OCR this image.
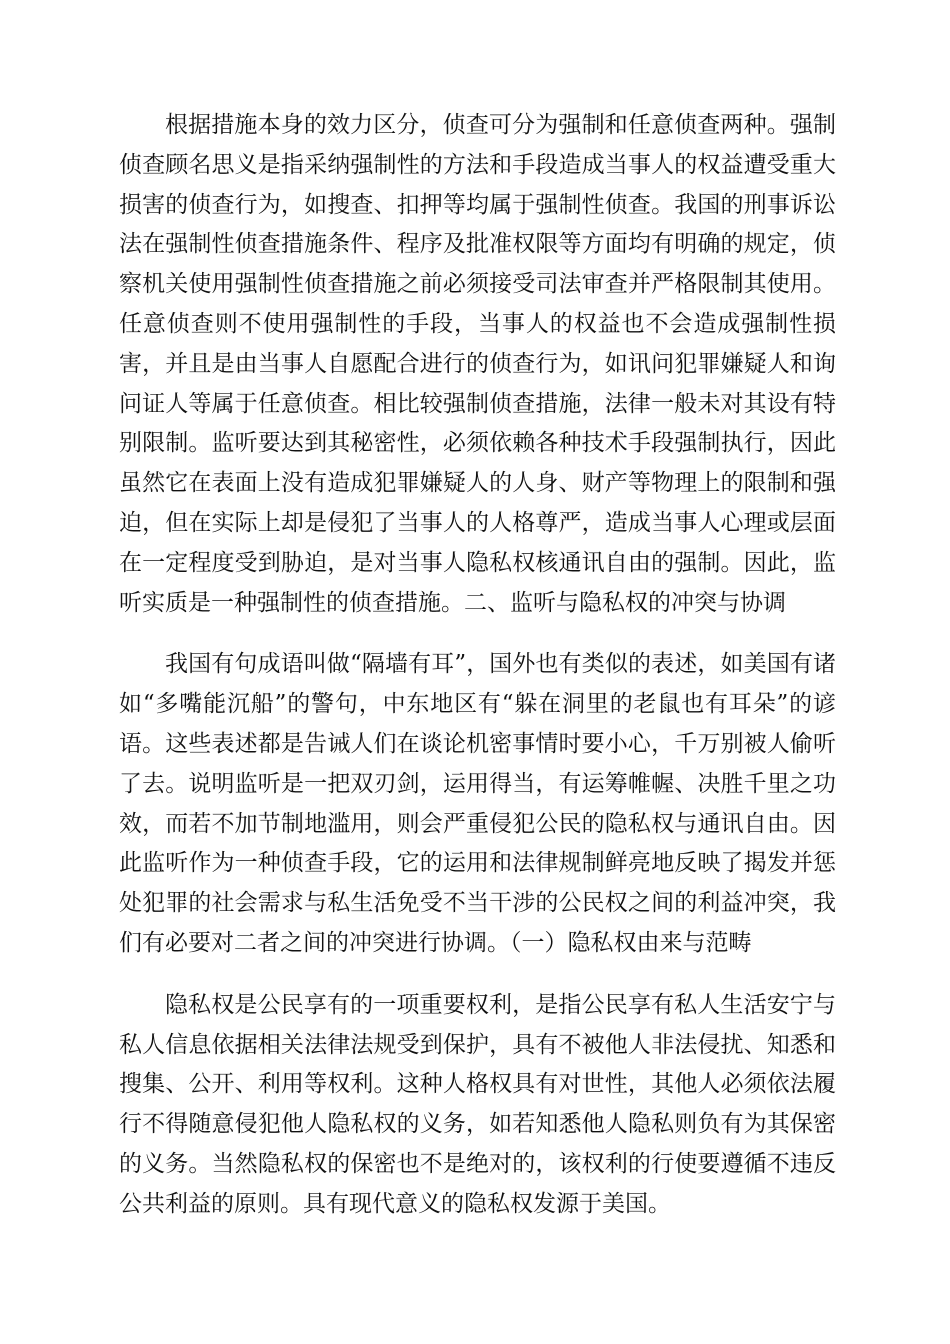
根据措施本身的效力区分，侦查可分为强制和任意侦查两种。强制侦查顾名思义是指采纳强制性的方法和手段造成当事人的权益遭受重大损害的侦查行为，如搜查、扣押等均属于强制性侦查。我国的刑事诉讼法在强制性侦查措施条件、程序及批准权限等方面均有明确的规定，侦察机关使用强制性侦查措施之前必须接受司法审查并严格限制其使用。任意侦查则不使用强制性的手段，当事人的权益也不会造成强制性损害，并且是由当事人自愿配合进行的侦查行为，如讯问犯罪嫌疑人和询问证人等属于任意侦查。相比较强制侦查措施，法律一般未对其设有特别限制。监听要达到其秘密性，必须依赖各种技术手段强制执行，因此虽然它在表面上没有造成犯罪嫌疑人的人身、财产等物理上的限制和强迫，但在实际上却是侵犯了当事人的人格尊严，造成当事人心理或层面在一定程度受到胁迫，是对当事人隐私权核通讯自由的强制。因此，监听实质是一种强制性的侦查措施。二、监听与隐私权的冲突与协调

我国有句成语叫做“隔墙有耳”，国外也有类似的表述，如美国有诸如“多嘴能沉船”的警句，中东地区有“躲在洞里的老鼠也有耳朵”的谚语。这些表述都是告诫人们在谈论机密事情时要小心，千万别被人偷听了去。说明监听是一把双刃剑，运用得当，有运筹帷幄、决胜千里之功效，而若不加节制地滥用，则会严重侵犯公民的隐私权与通讯自由。因此监听作为一种侦查手段，它的运用和法律规制鲜亮地反映了揭发并惩处犯罪的社会需求与私生活免受不当干涉的公民权之间的利益冲突，我们有必要对二者之间的冲突进行协调。（一）隐私权由来与范畴

隐私权是公民享有的一项重要权利，是指公民享有私人生活安宁与私人信息依据相关法律法规受到保护，具有不被他人非法侵扰、知悉和搜集、公开、利用等权利。这种人格权具有对世性，其他人必须依法履行不得随意侵犯他人隐私权的义务，如若知悉他人隐私则负有为其保密的义务。当然隐私权的保密也不是绝对的，该权利的行使要遵循不违反公共利益的原则。具有现代意义的隐私权发源于美国。
